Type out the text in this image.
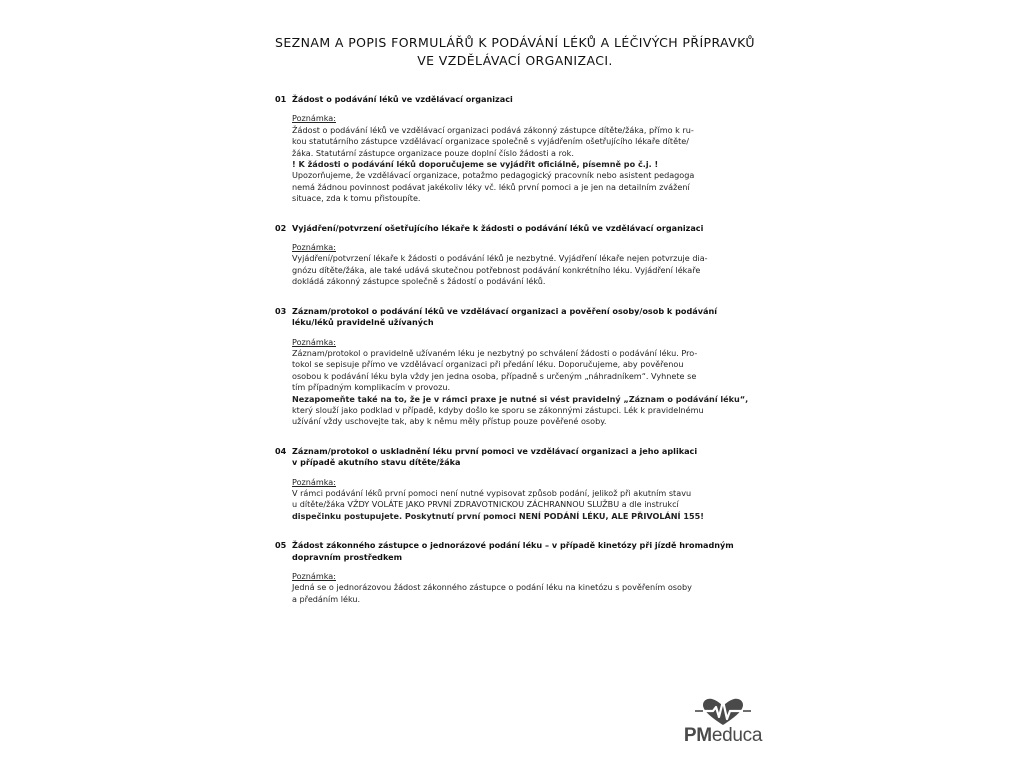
SEZNAM A POPIS FORMULÁŘŮ K PODÁVÁNÍ LÉKŮ A LÉČIVÝCH PŘÍPRAVKŮ
VE VZDĚLÁVACÍ ORGANIZACI.
01 Žádost o podávání léků ve vzdělávací organizaci
Poznámka:
Žádost o podávání léků ve vzdělávací organizaci podává zákonný zástupce dítěte/žáka, přímo k ru-
kou statutárního zástupce vzdělávací organizace společně s vyjádřením ošetřujícího lékaře dítěte/
žáka. Statutární zástupce organizace pouze doplní číslo žádosti a rok.
! K žádosti o podávání léků doporučujeme se vyjádřit oficiálně, písemně po č.j. !
Upozorňujeme, že vzdělávací organizace, potažmo pedagogický pracovník nebo asistent pedagoga
nemá žádnou povinnost podávat jakékoliv léky vč. léků první pomoci a je jen na detailním zvážení
situace, zda k tomu přistoupíte.
02 Vyjádření/potvrzení ošetřujícího lékaře k žádosti o podávání léků ve vzdělávací organizaci
Poznámka:
Vyjádření/potvrzení lékaře k žádosti o podávání léků je nezbytné. Vyjádření lékaře nejen potvrzuje dia-
gnózu dítěte/žáka, ale také udává skutečnou potřebnost podávání konkrétního léku. Vyjádření lékaře
dokládá zákonný zástupce společně s žádostí o podávání léků.
03 Záznam/protokol o podávání léků ve vzdělávací organizaci a pověření osoby/osob k podávání
léku/léků pravidelně užívaných
Poznámka:
Záznam/protokol o pravidelně užívaném léku je nezbytný po schválení žádosti o podávání léku. Pro-
tokol se sepisuje přímo ve vzdělávací organizaci při předání léku. Doporučujeme, aby pověřenou
osobou k podávání léku byla vždy jen jedna osoba, případně s určeným „náhradníkem“. Vyhnete se
tím případným komplikacím v provozu.
Nezapomeňte také na to, že je v rámci praxe je nutné si vést pravidelný „Záznam o podávání léku“,
který slouží jako podklad v případě, kdyby došlo ke sporu se zákonnými zástupci. Lék k pravidelnému
užívání vždy uschovejte tak, aby k němu měly přístup pouze pověřené osoby.
04 Záznam/protokol o uskladnění léku první pomoci ve vzdělávací organizaci a jeho aplikaci
v případě akutního stavu dítěte/žáka
Poznámka:
V rámci podávání léků první pomoci není nutné vypisovat způsob podání, jelikož při akutním stavu
u dítěte/žáka VŽDY VOLÁTE JAKO PRVNÍ ZDRAVOTNICKOU ZÁCHRANNOU SLUŽBU a dle instrukcí
dispečinku postupujete. Poskytnutí první pomoci NENÍ PODÁNÍ LÉKU, ALE PŘIVOLÁNÍ 155!
05 Žádost zákonného zástupce o jednorázové podání léku – v případě kinetózy při jízdě hromadným
dopravním prostředkem
Poznámka:
Jedná se o jednorázovou žádost zákonného zástupce o podání léku na kinetózu s pověřením osoby
a předáním léku.
PMeduca
